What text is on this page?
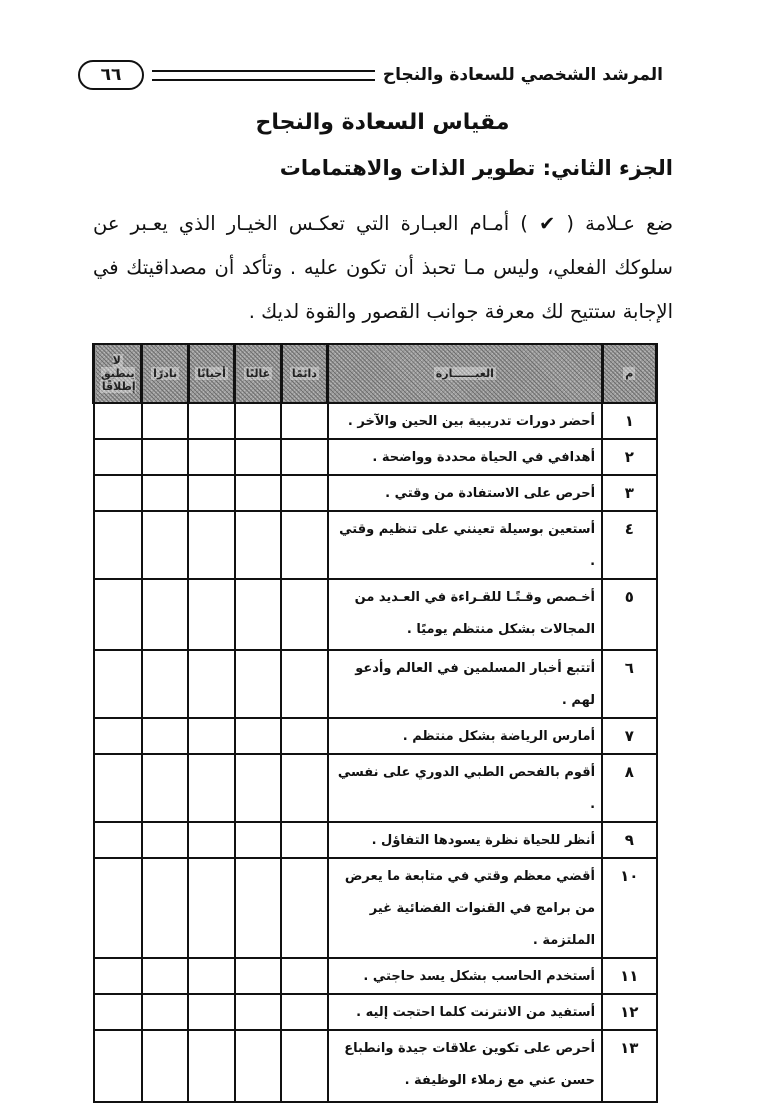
٦٦	المرشد الشخصي للسعادة والنجاح
مقياس السعادة والنجاح
الجزء الثاني: تطوير الذات والاهتمامات
ضع عـلامة ( ✔ ) أمـام العبـارة التي تعكـس الخيـار الذي يعـبر عن سلوكك الفعلي، وليس مـا تحبذ أن تكون عليه . وتأكد أن مصداقيتك في الإجابة ستتيح لك معرفة جوانب القصور والقوة لديك .
م	العبــــــارة	دائمًا	غالبًا	أحيانًا	نادرًا	لا ينطبق إطلاقًا
١	أحضر دورات تدريبية بين الحين والآخر .					
٢	أهدافي في الحياة محددة وواضحة .					
٣	أحرص على الاستفادة من وقتي .					
٤	أستعين بوسيلة تعينني على تنظيم وقتي .					
٥	أخـصص وقـتًـا للقـراءة في العـديد من المجالات بشكل منتظم يوميًا .					
٦	أتتبع أخبار المسلمين في العالم وأدعو لهم .					
٧	أمارس الرياضة بشكل منتظم .					
٨	أقوم بالفحص الطبي الدوري على نفسي .					
٩	أنظر للحياة نظرة يسودها التفاؤل .					
١٠	أقضي معظم وقتي في متابعة ما يعرض من برامج في القنوات الفضائية غير الملتزمة .					
١١	أستخدم الحاسب بشكل يسد حاجتي .					
١٢	أستفيد من الانترنت كلما احتجت إليه .					
١٣	أحرص على تكوين علاقات جيدة وانطباع حسن عني مع زملاء الوظيفة .					
